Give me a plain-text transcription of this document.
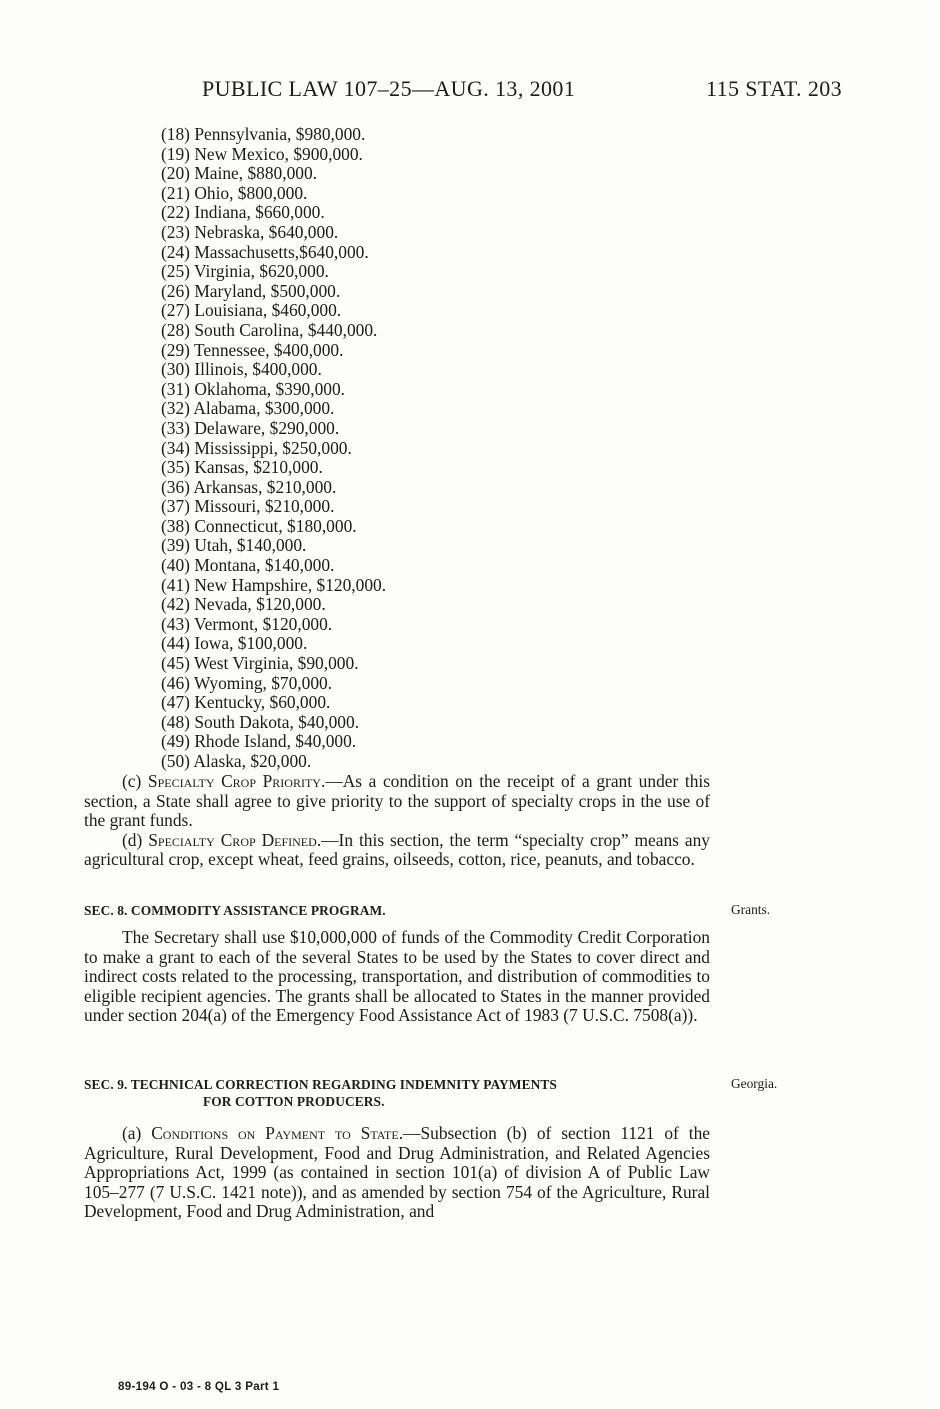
PUBLIC LAW 107–25—AUG. 13, 2001	115 STAT. 203
(18) Pennsylvania, $980,000.
(19) New Mexico, $900,000.
(20) Maine, $880,000.
(21) Ohio, $800,000.
(22) Indiana, $660,000.
(23) Nebraska, $640,000.
(24) Massachusetts,$640,000.
(25) Virginia, $620,000.
(26) Maryland, $500,000.
(27) Louisiana, $460,000.
(28) South Carolina, $440,000.
(29) Tennessee, $400,000.
(30) Illinois, $400,000.
(31) Oklahoma, $390,000.
(32) Alabama, $300,000.
(33) Delaware, $290,000.
(34) Mississippi, $250,000.
(35) Kansas, $210,000.
(36) Arkansas, $210,000.
(37) Missouri, $210,000.
(38) Connecticut, $180,000.
(39) Utah, $140,000.
(40) Montana, $140,000.
(41) New Hampshire, $120,000.
(42) Nevada, $120,000.
(43) Vermont, $120,000.
(44) Iowa, $100,000.
(45) West Virginia, $90,000.
(46) Wyoming, $70,000.
(47) Kentucky, $60,000.
(48) South Dakota, $40,000.
(49) Rhode Island, $40,000.
(50) Alaska, $20,000.

(c) Specialty Crop Priority.—As a condition on the receipt of a grant under this section, a State shall agree to give priority to the support of specialty crops in the use of the grant funds.

(d) Specialty Crop Defined.—In this section, the term “specialty crop” means any agricultural crop, except wheat, feed grains, oilseeds, cotton, rice, peanuts, and tobacco.

SEC. 8. COMMODITY ASSISTANCE PROGRAM.	Grants.

The Secretary shall use $10,000,000 of funds of the Commodity Credit Corporation to make a grant to each of the several States to be used by the States to cover direct and indirect costs related to the processing, transportation, and distribution of commodities to eligible recipient agencies. The grants shall be allocated to States in the manner provided under section 204(a) of the Emergency Food Assistance Act of 1983 (7 U.S.C. 7508(a)).

SEC. 9. TECHNICAL CORRECTION REGARDING INDEMNITY PAYMENTS
FOR COTTON PRODUCERS.
Georgia.

(a) Conditions on Payment to State.—Subsection (b) of section 1121 of the Agriculture, Rural Development, Food and Drug Administration, and Related Agencies Appropriations Act, 1999 (as contained in section 101(a) of division A of Public Law 105–277 (7 U.S.C. 1421 note)), and as amended by section 754 of the Agriculture, Rural Development, Food and Drug Administration, and

89-194 O - 03 - 8 QL 3 Part 1
